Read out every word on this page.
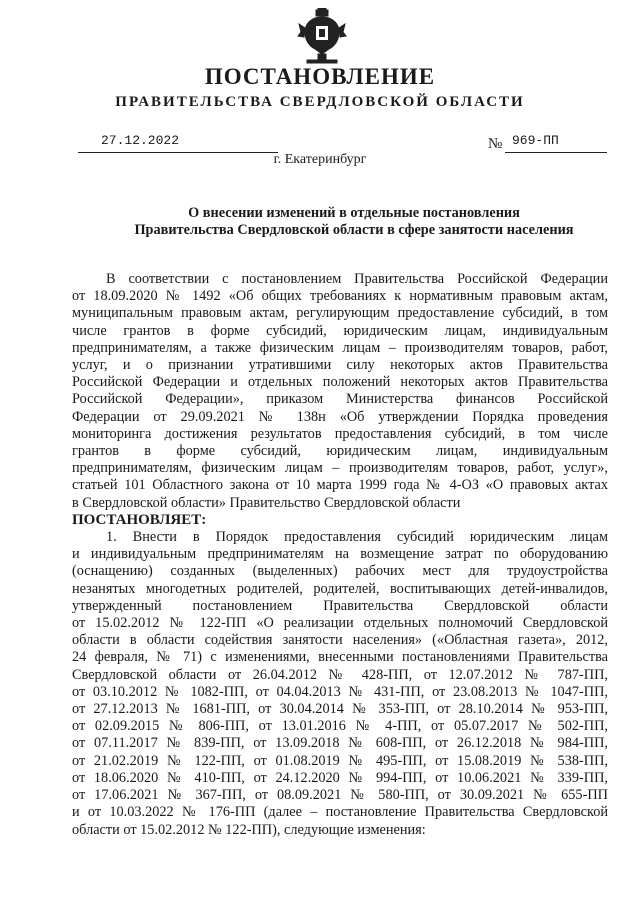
ПОСТАНОВЛЕНИЕ
ПРАВИТЕЛЬСТВА СВЕРДЛОВСКОЙ ОБЛАСТИ
27.12.2022	№ 969-ПП
г. Екатеринбург
О внесении изменений в отдельные постановления
Правительства Свердловской области в сфере занятости населения
В соответствии с постановлением Правительства Российской Федерации
от 18.09.2020 № 1492 «Об общих требованиях к нормативным правовым актам,
муниципальным правовым актам, регулирующим предоставление субсидий, в том
числе грантов в форме субсидий, юридическим лицам, индивидуальным
предпринимателям, а также физическим лицам – производителям товаров, работ,
услуг, и о признании утратившими силу некоторых актов Правительства
Российской Федерации и отдельных положений некоторых актов Правительства
Российской Федерации», приказом Министерства финансов Российской
Федерации от 29.09.2021 № 138н «Об утверждении Порядка проведения
мониторинга достижения результатов предоставления субсидий, в том числе
грантов в форме субсидий, юридическим лицам, индивидуальным
предпринимателям, физическим лицам – производителям товаров, работ, услуг»,
статьей 101 Областного закона от 10 марта 1999 года № 4-ОЗ «О правовых актах
в Свердловской области» Правительство Свердловской области
ПОСТАНОВЛЯЕТ:
1. Внести в Порядок предоставления субсидий юридическим лицам
и индивидуальным предпринимателям на возмещение затрат по оборудованию
(оснащению) созданных (выделенных) рабочих мест для трудоустройства
незанятых многодетных родителей, родителей, воспитывающих детей-инвалидов,
утвержденный постановлением Правительства Свердловской области
от 15.02.2012 № 122-ПП «О реализации отдельных полномочий Свердловской
области в области содействия занятости населения» («Областная газета», 2012,
24 февраля, № 71) с изменениями, внесенными постановлениями Правительства
Свердловской области от 26.04.2012 № 428-ПП, от 12.07.2012 № 787-ПП,
от 03.10.2012 № 1082-ПП, от 04.04.2013 № 431-ПП, от 23.08.2013 № 1047-ПП,
от 27.12.2013 № 1681-ПП, от 30.04.2014 № 353-ПП, от 28.10.2014 № 953-ПП,
от 02.09.2015 № 806-ПП, от 13.01.2016 № 4-ПП, от 05.07.2017 № 502-ПП,
от 07.11.2017 № 839-ПП, от 13.09.2018 № 608-ПП, от 26.12.2018 № 984-ПП,
от 21.02.2019 № 122-ПП, от 01.08.2019 № 495-ПП, от 15.08.2019 № 538-ПП,
от 18.06.2020 № 410-ПП, от 24.12.2020 № 994-ПП, от 10.06.2021 № 339-ПП,
от 17.06.2021 № 367-ПП, от 08.09.2021 № 580-ПП, от 30.09.2021 № 655-ПП
и от 10.03.2022 № 176-ПП (далее – постановление Правительства Свердловской
области от 15.02.2012 № 122-ПП), следующие изменения:
